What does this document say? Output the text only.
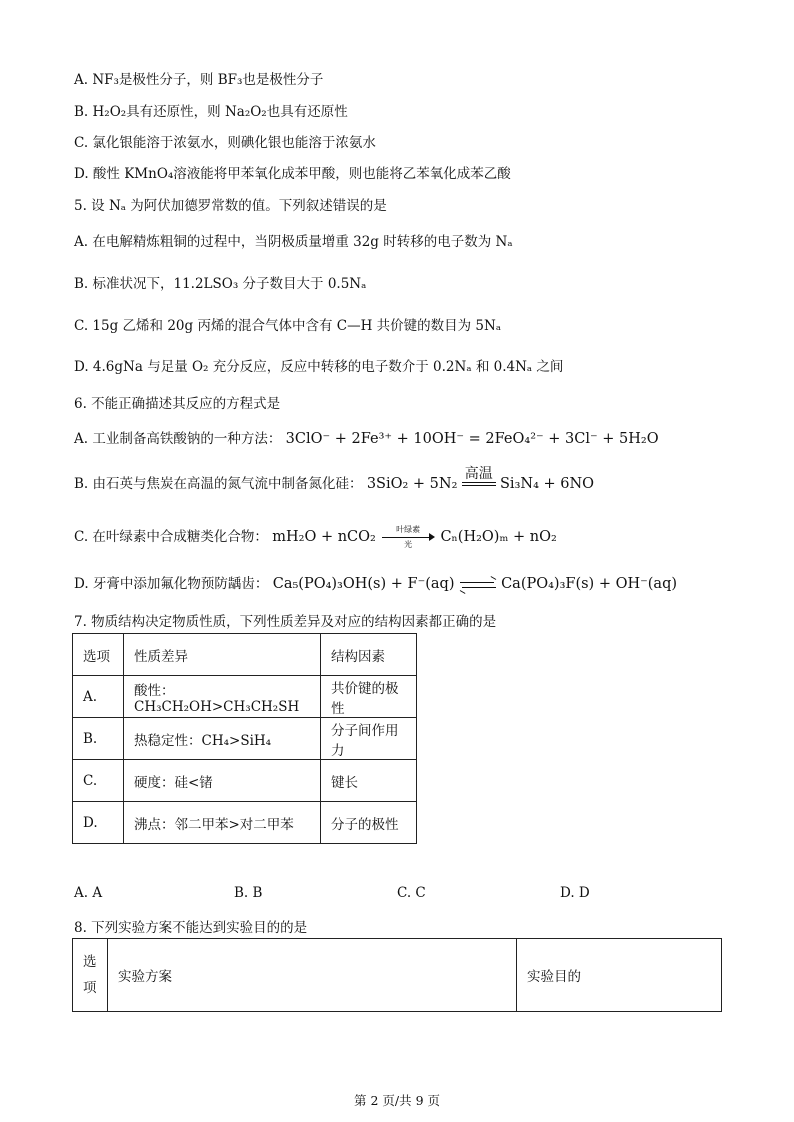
A. NF₃是极性分子，则 BF₃也是极性分子
B. H₂O₂具有还原性，则 Na₂O₂也具有还原性
C. 氯化银能溶于浓氨水，则碘化银也能溶于浓氨水
D. 酸性 KMnO₄溶液能将甲苯氧化成苯甲酸，则也能将乙苯氧化成苯乙酸
5. 设 Nₐ 为阿伏加德罗常数的值。下列叙述错误的是
A. 在电解精炼粗铜的过程中，当阴极质量增重 32g 时转移的电子数为 Nₐ
B. 标准状况下，11.2LSO₃ 分子数目大于 0.5Nₐ
C. 15g 乙烯和 20g 丙烯的混合气体中含有 C—H 共价键的数目为 5Nₐ
D. 4.6gNa 与足量 O₂ 充分反应，反应中转移的电子数介于 0.2Nₐ 和 0.4Nₐ 之间
6. 不能正确描述其反应的方程式是
A. 工业制备高铁酸钠的一种方法： 3ClO⁻ + 2Fe³⁺ + 10OH⁻ = 2FeO₄²⁻ + 3Cl⁻ + 5H₂O
B. 由石英与焦炭在高温的氮气流中制备氮化硅： 3SiO₂ + 5N₂
高温
Si₃N₄ + 6NO
C. 在叶绿素中合成糖类化合物： mH₂O + nCO₂	叶绿素
光	Cₙ(H₂O)ₘ + nO₂
D. 牙膏中添加氟化物预防龋齿： Ca₅(PO₄)₃OH(s) + F⁻(aq) ⇌ Ca(PO₄)₃F(s) + OH⁻(aq)
7. 物质结构决定物质性质，下列性质差异及对应的结构因素都正确的是
选项	性质差异	结构因素
A.	酸性：CH₃CH₂OH>CH₃CH₂SH	共价键的极性
B.	热稳定性：CH₄>SiH₄	分子间作用力
C.	硬度：硅<锗	键长
D.	沸点：邻二甲苯>对二甲苯	分子的极性
A. A	B. B	C. C	D. D
8. 下列实验方案不能达到实验目的的是
选
项	实验方案	实验目的
第 2 页/共 9 页
